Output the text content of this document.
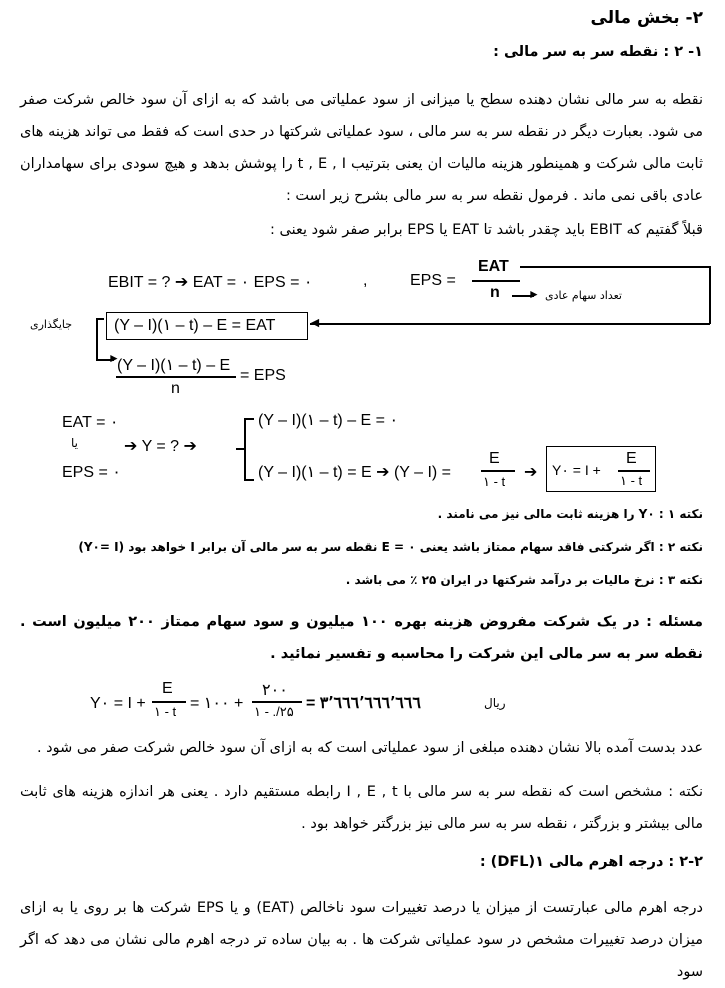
۲- بخش مالی
۱- ۲ : نقطه سر به سر مالی :
نقطه به سر مالی نشان دهنده سطح یا میزانی از سود عملیاتی می باشد که به ازای آن سود خالص شرکت صفر می شود. بعبارت دیگر در نقطه سر به سر مالی ، سود عملیاتی شرکتها در حدی است که فقط می تواند هزینه های ثابت مالی شرکت و همینطور هزینه مالیات ان یعنی بترتیب t , E , I را پوشش بدهد و هیچ سودی برای سهامداران عادی باقی نمی ماند . فرمول نقطه سر به سر مالی بشرح زیر است :
قبلاً گفتیم که EBIT باید چقدر باشد تا EAT یا EPS برابر صفر شود یعنی :
EBIT = ? ➔ EAT = ۰ EPS = ۰	,	EPS =
EAT
n
◄
► تعداد سهام عادی
جایگذاری	(Y – I)(۱ – t) – E = EAT
►
(Y – I)(۱ – t) – E
n
= EPS
EAT = ۰
یا
EPS = ۰
➔ Y = ? ➔
(Y – I)(۱ – t) – E = ۰
(Y – I)(۱ – t) = E ➔ (Y – I) =
E
۱ - t
➔ Y۰ = I +
E
۱ - t
نکته ۱ : Y۰ را هزینه ثابت مالی نیز می نامند .
نکته ۲ : اگر شرکتی فاقد سهام ممتاز باشد یعنی E = ۰ نقطه سر به سر مالی آن برابر I خواهد بود (Y۰= I)
نکته ۳ : نرخ مالیات بر درآمد شرکتها در ایران ۲۵ ٪ می باشد .
مسئله : در یک شرکت مفروض هزینه بهره ۱۰۰ میلیون و سود سهام ممتاز ۲۰۰ میلیون است . نقطه سر به سر مالی این شرکت را محاسبه و تفسیر نمائید .
Y۰ = I +
E
۱ - t = ۱۰۰ +
۲۰۰
۱ - ./۲۵ = ۳٬٦٦٦٬٦٦٦٬٦٦٦	ریال
عدد بدست آمده بالا نشان دهنده مبلغی از سود عملیاتی است که به ازای آن سود خالص شرکت صفر می شود .
نکته : مشخص است که نقطه سر به سر مالی با I , E , t رابطه مستقیم دارد . یعنی هر اندازه هزینه های ثابت مالی بیشتر و بزرگتر ، نقطه سر به سر مالی نیز بزرگتر خواهد بود .
۲-۲ : درجه اهرم مالی ۱(DFL) :
درجه اهرم مالی عبارتست از میزان یا درصد تغییرات سود ناخالص (EAT) و یا EPS شرکت ها بر روی یا به ازای میزان درصد تغییرات مشخص در سود عملیاتی شرکت ها . به بیان ساده تر درجه اهرم مالی نشان می دهد که اگر سود
